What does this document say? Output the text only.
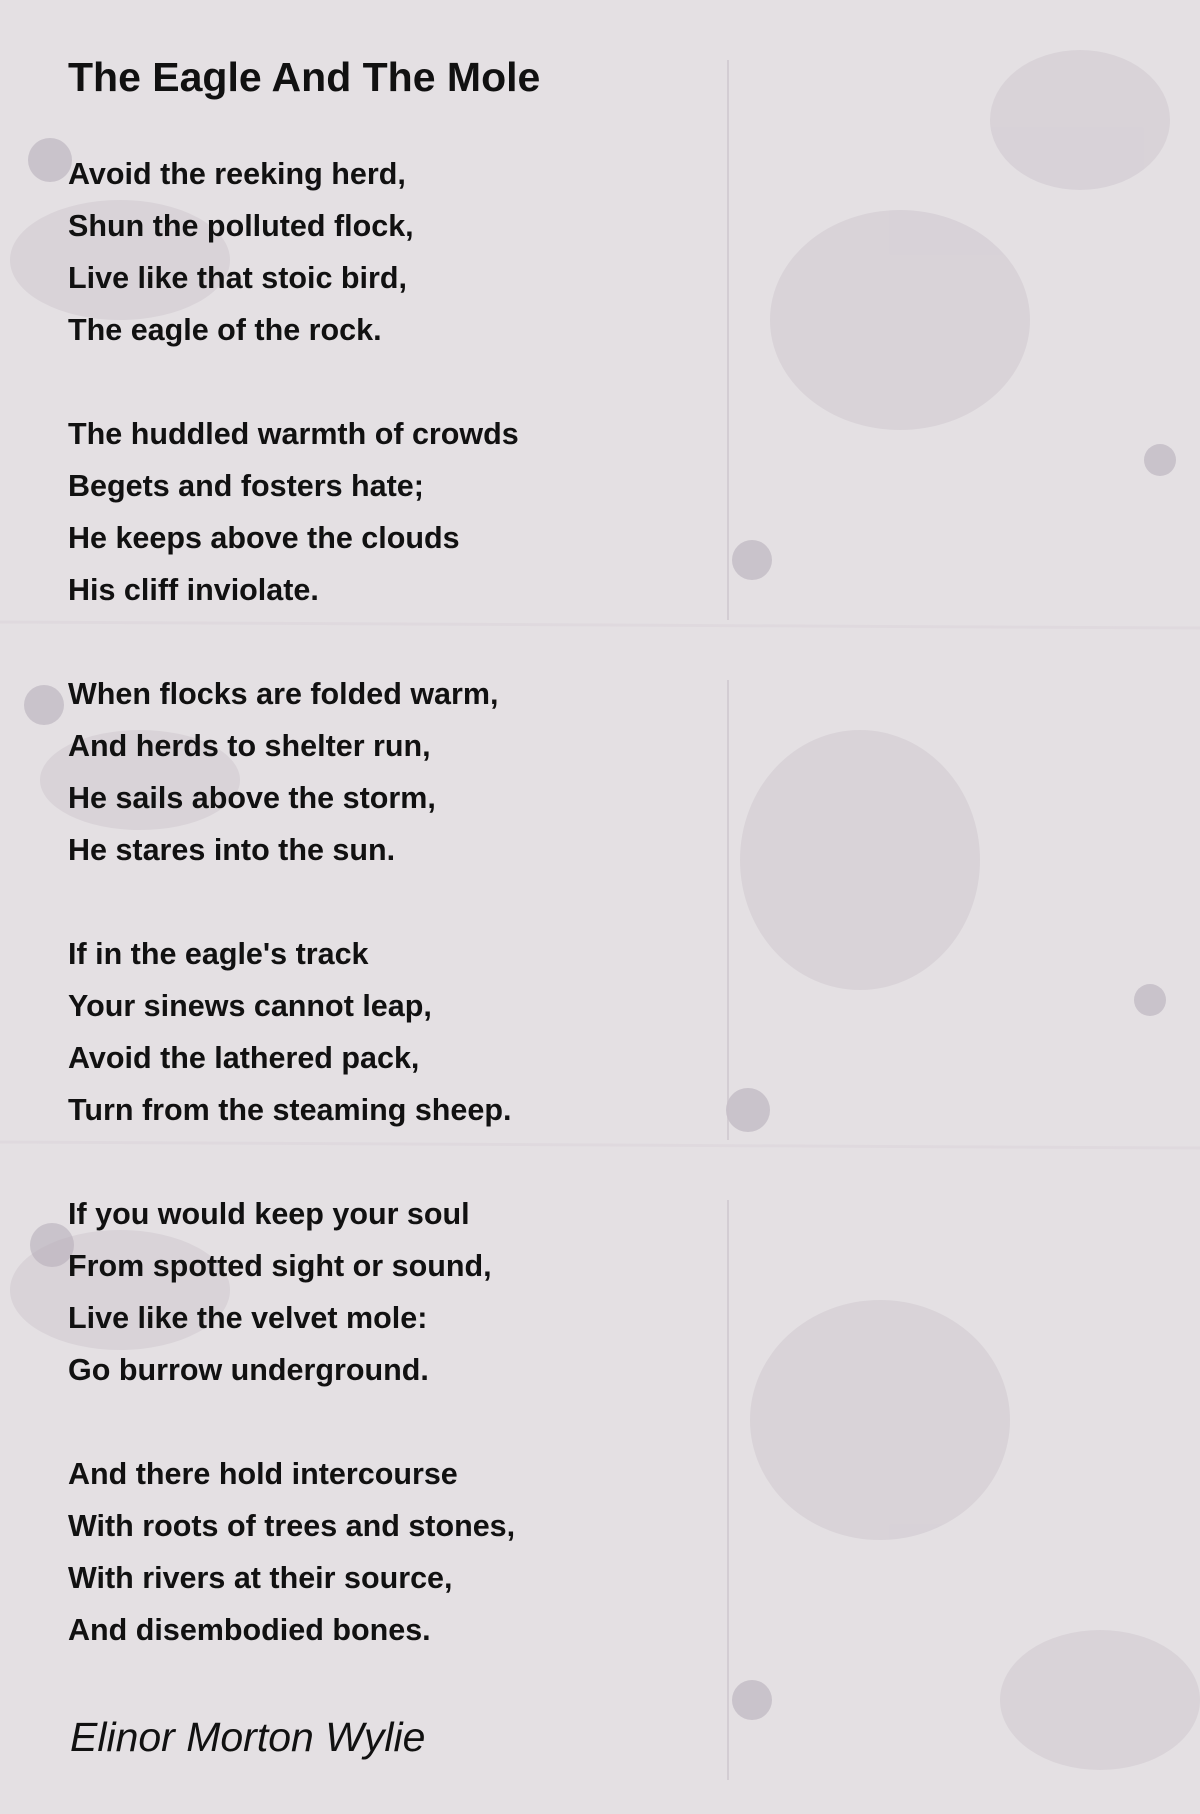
The Eagle And The Mole
Avoid the reeking herd,
Shun the polluted flock,
Live like that stoic bird,
The eagle of the rock.
The huddled warmth of crowds
Begets and fosters hate;
He keeps above the clouds
His cliff inviolate.
When flocks are folded warm,
And herds to shelter run,
He sails above the storm,
He stares into the sun.
If in the eagle's track
Your sinews cannot leap,
Avoid the lathered pack,
Turn from the steaming sheep.
If you would keep your soul
From spotted sight or sound,
Live like the velvet mole:
Go burrow underground.
And there hold intercourse
With roots of trees and stones,
With rivers at their source,
And disembodied bones.
Elinor Morton Wylie
